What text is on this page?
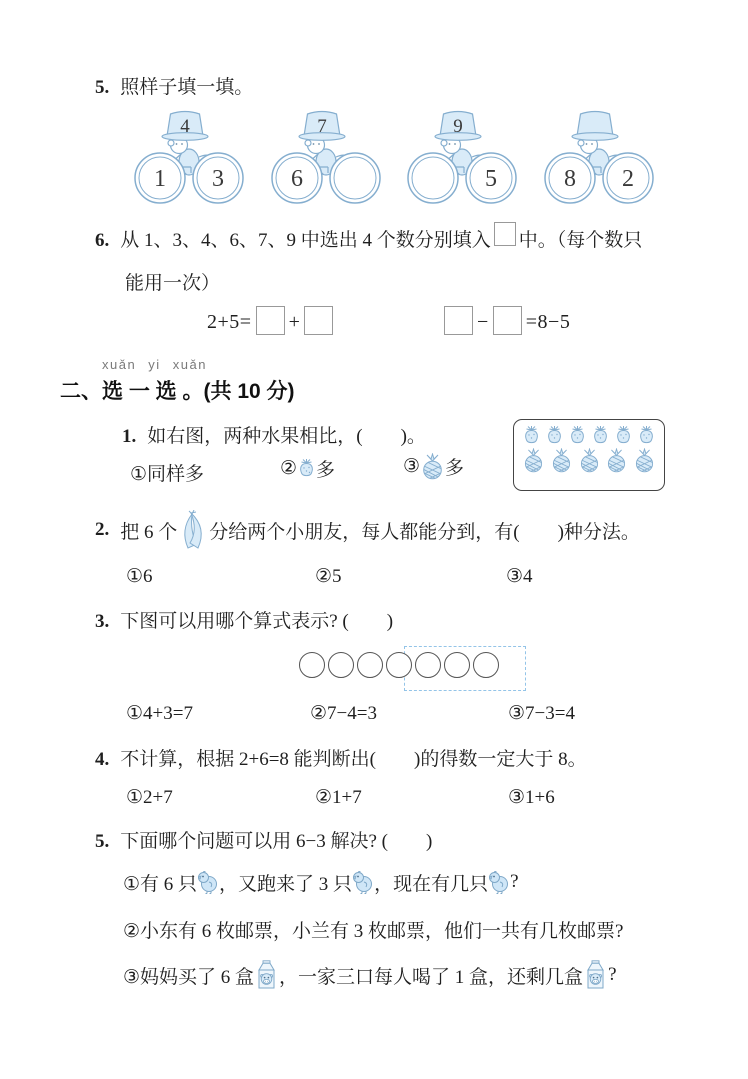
5. 照样子填一填。
4
1 3
7
6
9
5	8 2
6. 从 1、3、4、6、7、9 中选出 4 个数分别填入 中。（每个数只
能用一次）
2+5= +	− =8−5
xuǎn yi xuǎn
二、选 一 选 。(共 10 分)
1. 如右图，两种水果相比，(　　)。
①同样多	② 多	③ 多
2. 把 6 个 分给两个小朋友，每人都能分到，有(　　)种分法。
①6	②5	③4
3. 下图可以用哪个算式表示? (　　)
①4+3=7	②7−4=3	③7−3=4
4. 不计算，根据 2+6=8 能判断出(　　)的得数一定大于 8。
①2+7	②1+7	③1+6
5. 下面哪个问题可以用 6−3 解决? (　　)
①有 6 只 ，又跑来了 3 只 ，现在有几只 ?
②小东有 6 枚邮票，小兰有 3 枚邮票，他们一共有几枚邮票?
③妈妈买了 6 盒 ，一家三口每人喝了 1 盒，还剩几盒 ?
